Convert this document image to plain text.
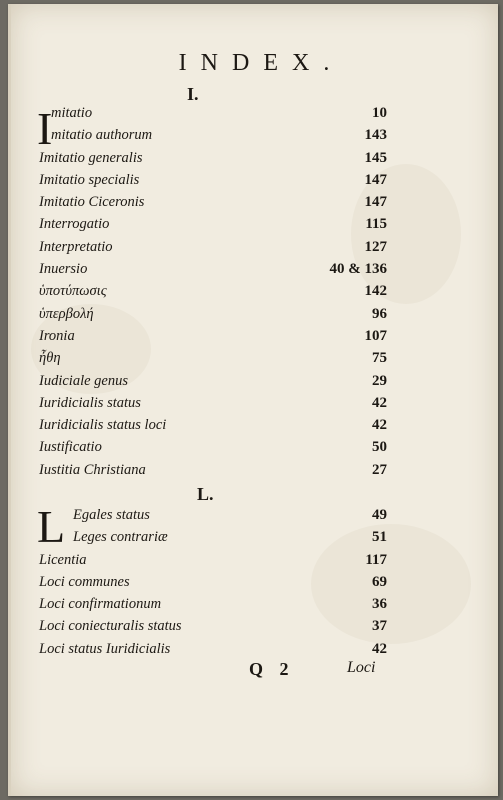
INDEX.
I.
I
mitatio	10
mitatio authorum	143
Imitatio generalis	145
Imitatio specialis	147
Imitatio Ciceronis	147
Interrogatio	115
Interpretatio	127
Inuersio	40 & 136
ὑποτύπωσις	142
ὑπερβολή	96
Ironia	107
ἦθη	75
Iudiciale genus	29
Iuridicialis status	42
Iuridicialis status loci	42
Iustificatio	50
Iustitia Christiana	27
L.
L Egales status	49
Leges contrariæ	51
Licentia	117
Loci communes	69
Loci confirmationum	36
Loci coniecturalis status	37
Loci status Iuridicialis	42
Q 2	Loci
